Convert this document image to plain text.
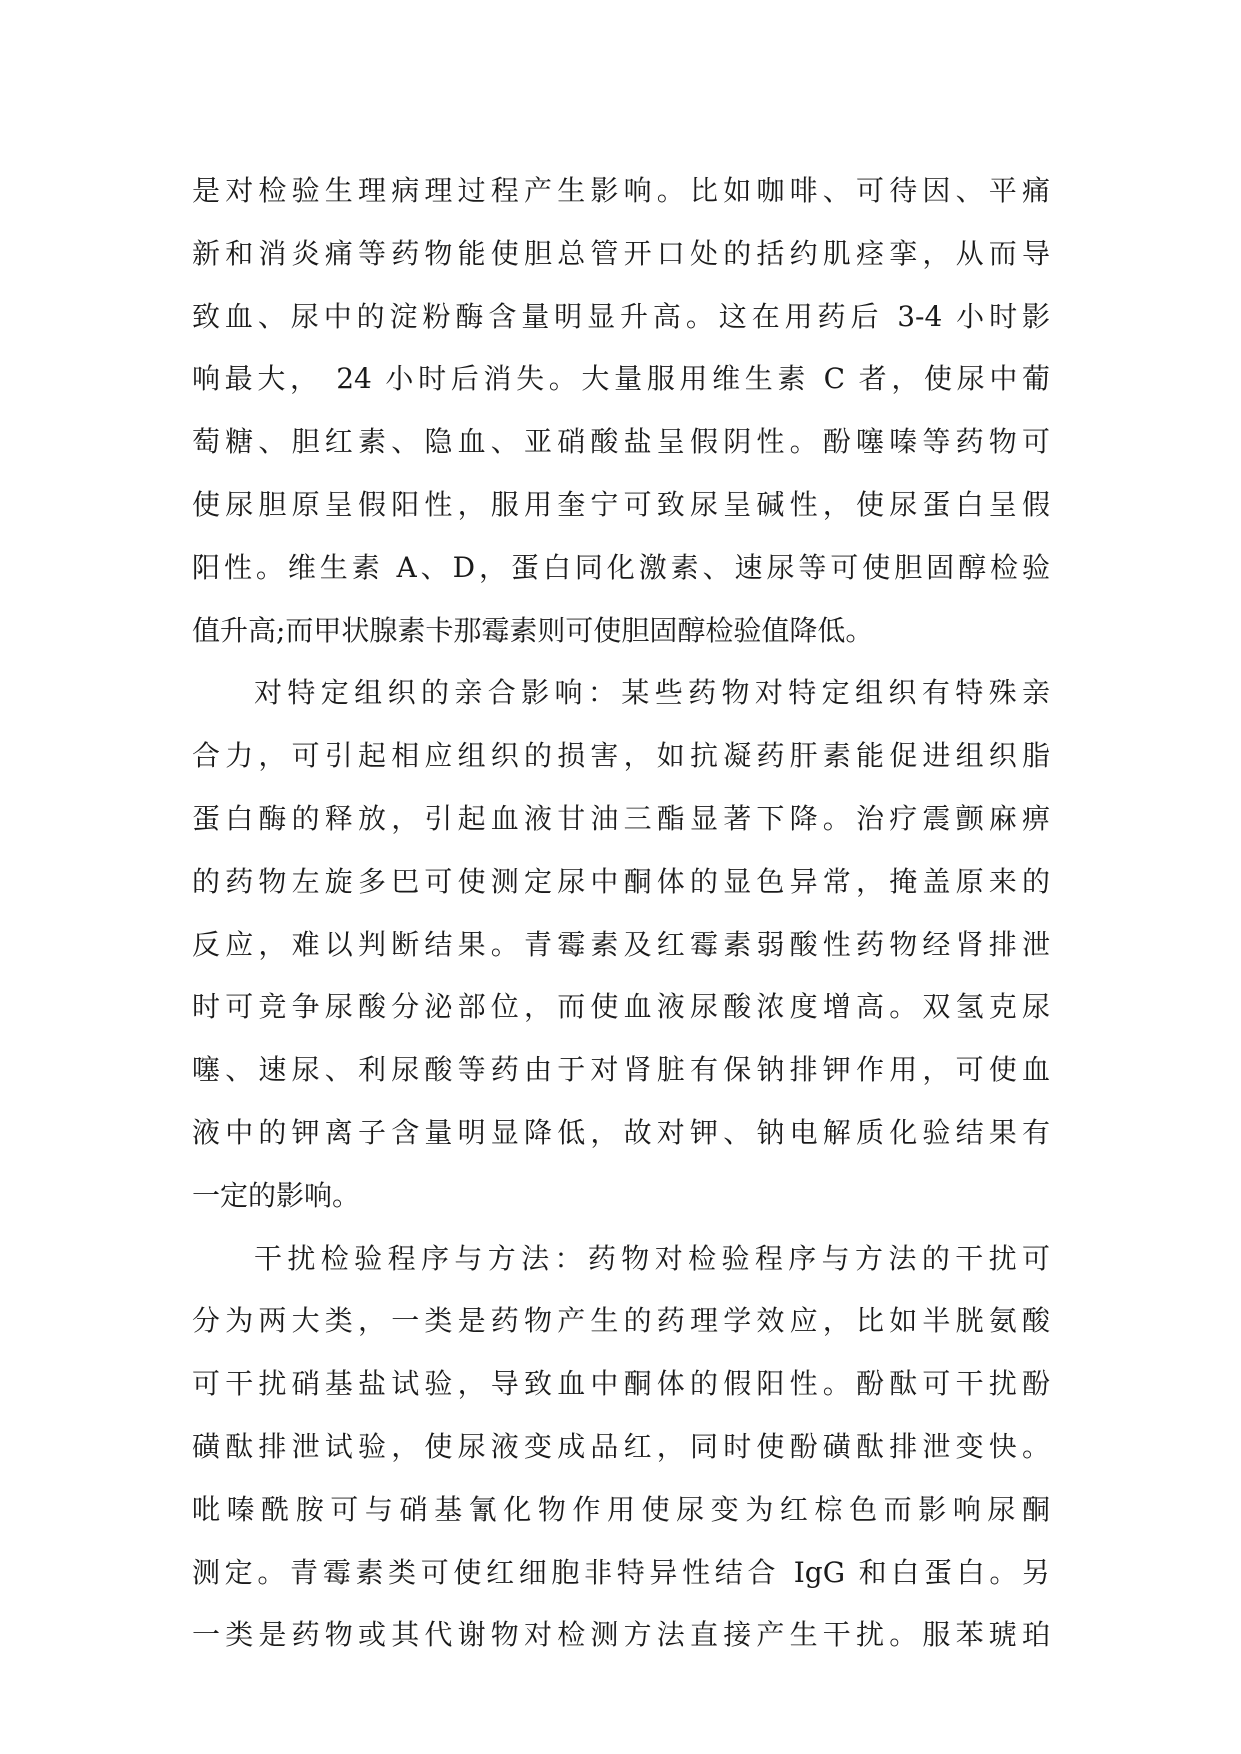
是对检验生理病理过程产生影响。比如咖啡、可待因、平痛
新和消炎痛等药物能使胆总管开口处的括约肌痉挛，从而导
致血、尿中的淀粉酶含量明显升高。这在用药后 3-4 小时影
响最大， 24 小时后消失。大量服用维生素 C 者，使尿中葡
萄糖、胆红素、隐血、亚硝酸盐呈假阴性。酚噻嗪等药物可
使尿胆原呈假阳性，服用奎宁可致尿呈碱性，使尿蛋白呈假
阳性。维生素 A、D，蛋白同化激素、速尿等可使胆固醇检验
值升高;而甲状腺素卡那霉素则可使胆固醇检验值降低。
对特定组织的亲合影响：某些药物对特定组织有特殊亲
合力，可引起相应组织的损害，如抗凝药肝素能促进组织脂
蛋白酶的释放，引起血液甘油三酯显著下降。治疗震颤麻痹
的药物左旋多巴可使测定尿中酮体的显色异常，掩盖原来的
反应，难以判断结果。青霉素及红霉素弱酸性药物经肾排泄
时可竞争尿酸分泌部位，而使血液尿酸浓度增高。双氢克尿
噻、速尿、利尿酸等药由于对肾脏有保钠排钾作用，可使血
液中的钾离子含量明显降低，故对钾、钠电解质化验结果有
一定的影响。
干扰检验程序与方法：药物对检验程序与方法的干扰可
分为两大类，一类是药物产生的药理学效应，比如半胱氨酸
可干扰硝基盐试验，导致血中酮体的假阳性。酚酞可干扰酚
磺酞排泄试验，使尿液变成品红，同时使酚磺酞排泄变快。
吡嗪酰胺可与硝基氰化物作用使尿变为红棕色而影响尿酮
测定。青霉素类可使红细胞非特异性结合 IgG 和白蛋白。另
一类是药物或其代谢物对检测方法直接产生干扰。服苯琥珀
